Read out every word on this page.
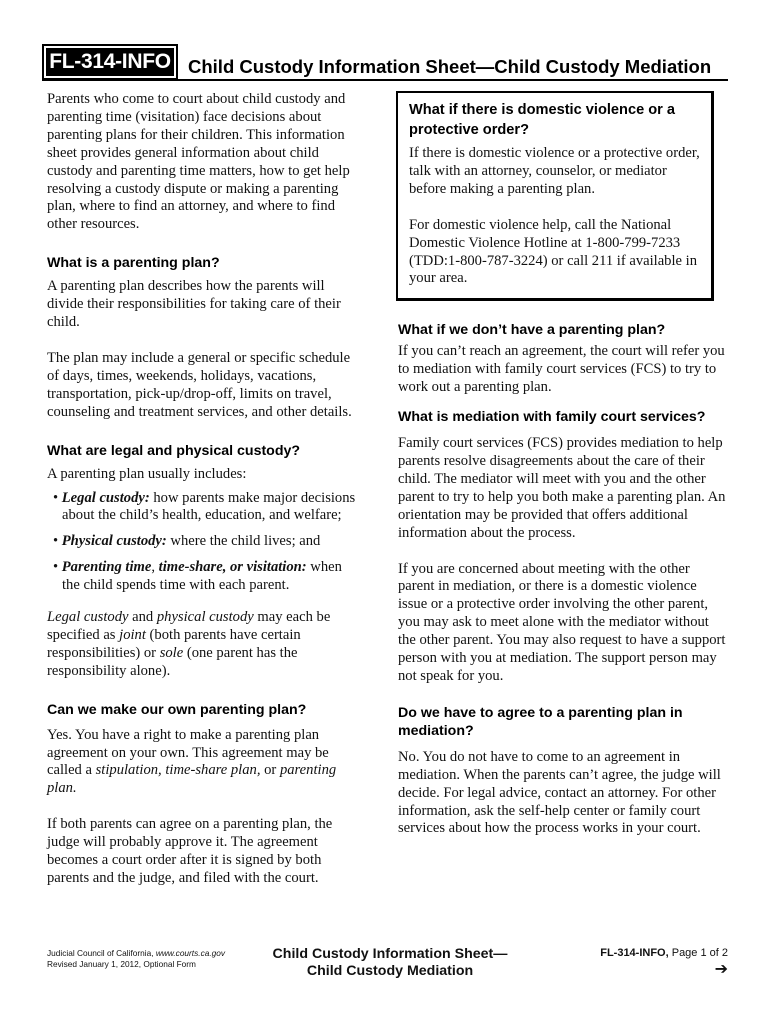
FL-314-INFO Child Custody Information Sheet—Child Custody Mediation

Parents who come to court about child custody and parenting time (visitation) face decisions about parenting plans for their children. This information sheet provides general information about child custody and parenting time matters, how to get help resolving a custody dispute or making a parenting plan, where to find an attorney, and where to find other resources.

What is a parenting plan?

A parenting plan describes how the parents will divide their responsibilities for taking care of their child.

The plan may include a general or specific schedule of days, times, weekends, holidays, vacations, transportation, pick-up/drop-off, limits on travel, counseling and treatment services, and other details.

What are legal and physical custody?

A parenting plan usually includes:

• Legal custody: how parents make major decisions about the child’s health, education, and welfare;

• Physical custody: where the child lives; and

• Parenting time, time-share, or visitation: when the child spends time with each parent.

Legal custody and physical custody may each be specified as joint (both parents have certain responsibilities) or sole (one parent has the responsibility alone).

Can we make our own parenting plan?

Yes. You have a right to make a parenting plan agreement on your own. This agreement may be called a stipulation, time-share plan, or parenting plan.

If both parents can agree on a parenting plan, the judge will probably approve it. The agreement becomes a court order after it is signed by both parents and the judge, and filed with the court.

What if there is domestic violence or a protective order?

If there is domestic violence or a protective order, talk with an attorney, counselor, or mediator before making a parenting plan.

For domestic violence help, call the National Domestic Violence Hotline at 1-800-799-7233 (TDD:1-800-787-3224) or call 211 if available in your area.

What if we don’t have a parenting plan?

If you can’t reach an agreement, the court will refer you to mediation with family court services (FCS) to try to work out a parenting plan.

What is mediation with family court services?

Family court services (FCS) provides mediation to help parents resolve disagreements about the care of their child. The mediator will meet with you and the other parent to try to help you both make a parenting plan. An orientation may be provided that offers additional information about the process.

If you are concerned about meeting with the other parent in mediation, or there is a domestic violence issue or a protective order involving the other parent, you may ask to meet alone with the mediator without the other parent. You may also request to have a support person with you at mediation. The support person may not speak for you.

Do we have to agree to a parenting plan in mediation?

No. You do not have to come to an agreement in mediation. When the parents can’t agree, the judge will decide. For legal advice, contact an attorney. For other information, ask the self-help center or family court services about how the process works in your court.

Judicial Council of California, www.courts.ca.gov
Revised January 1, 2012, Optional Form
Child Custody Information Sheet—
Child Custody Mediation
FL-314-INFO, Page 1 of 2
➔
